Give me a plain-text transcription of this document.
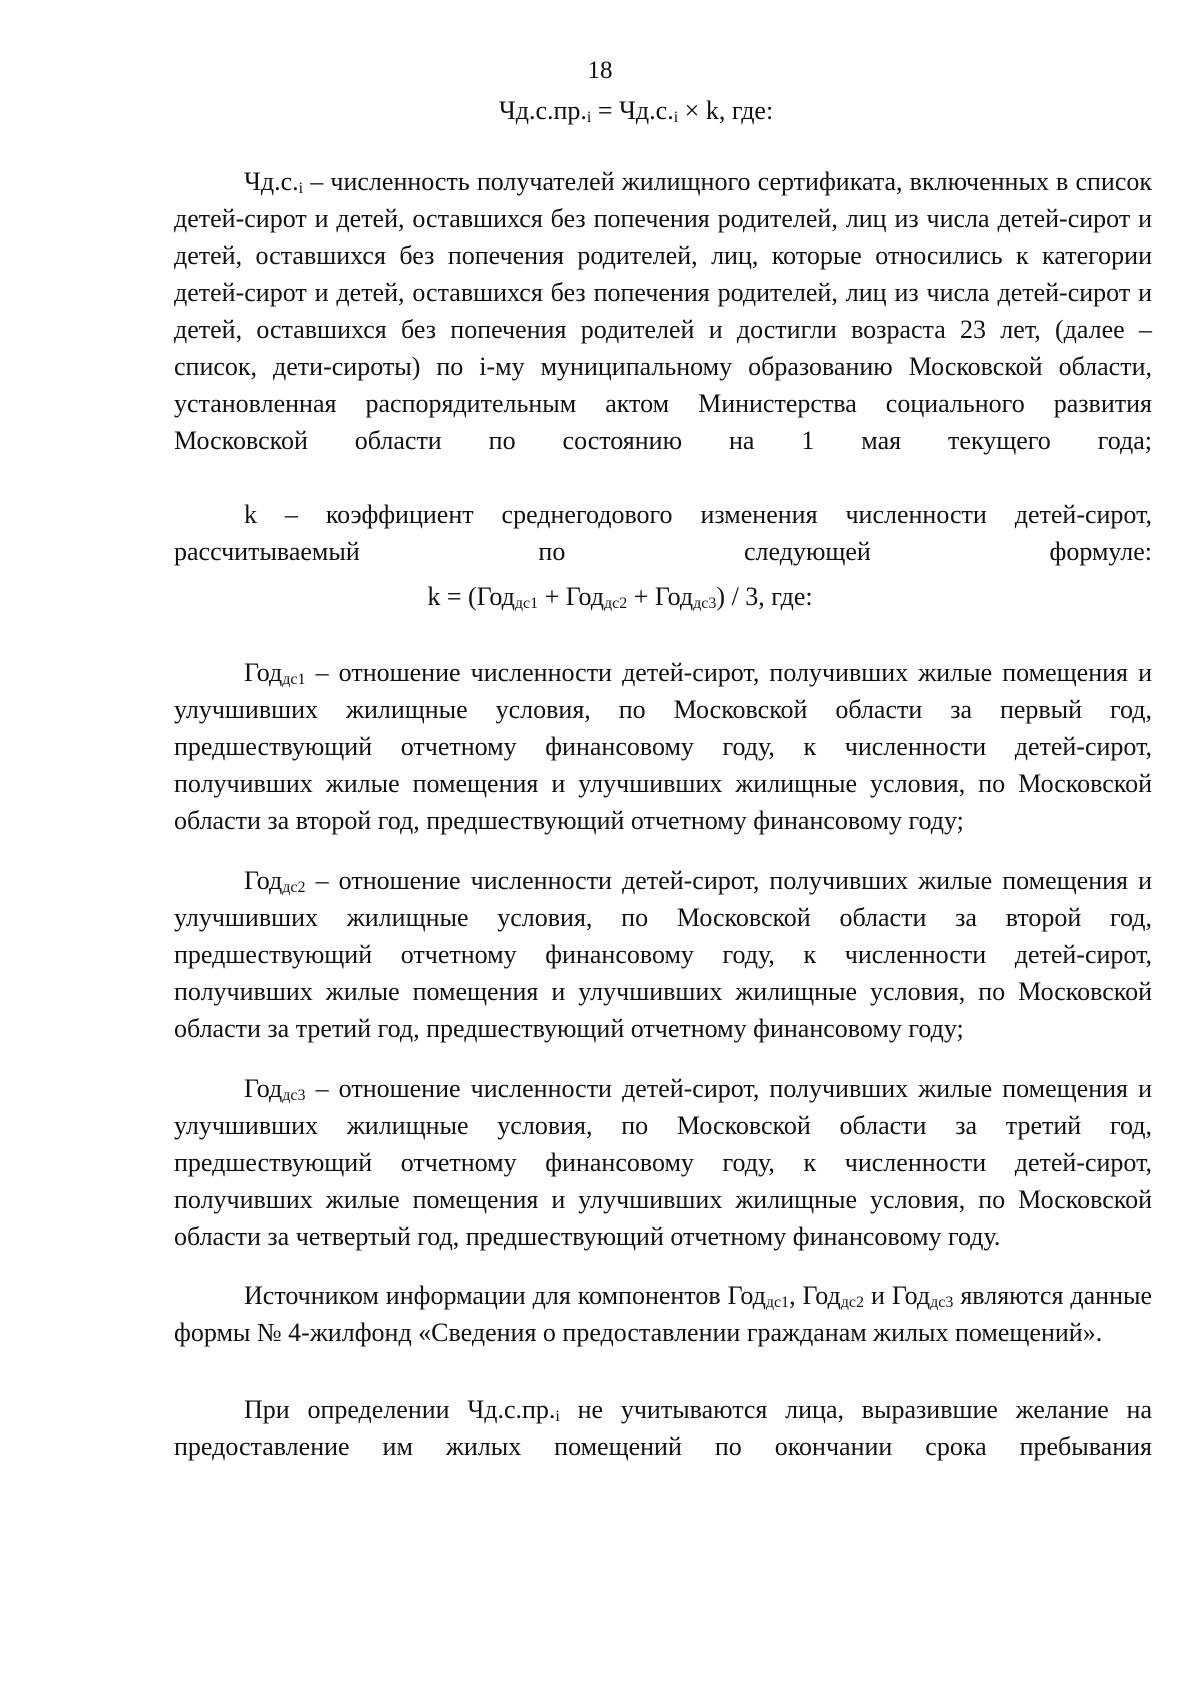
18
$Чд.с.пр._i = Чд.с._i \times k$, где:

$Чд.с._i$ – численность получателей жилищного сертификата, включенных в список детей-сирот и детей, оставшихся без попечения родителей, лиц из числа детей-сирот и детей, оставшихся без попечения родителей, лиц, которые относились к категории детей-сирот и детей, оставшихся без попечения родителей, лиц из числа детей-сирот и детей, оставшихся без попечения родителей и достигли возраста 23 лет, (далее – список, дети-сироты) по i-му муниципальному образованию Московской области, установленная распорядительным актом Министерства социального развития Московской области по состоянию на 1 мая текущего года;

k – коэффициент среднегодового изменения численности детей-сирот, рассчитываемый по следующей формуле:

k = (Год$_{дс1}$ + Год$_{дс2}$ + Год$_{дс3}$) / 3, где:

Год$_{дс1}$ – отношение численности детей-сирот, получивших жилые помещения и улучшивших жилищные условия, по Московской области за первый год, предшествующий отчетному финансовому году, к численности детей-сирот, получивших жилые помещения и улучшивших жилищные условия, по Московской области за второй год, предшествующий отчетному финансовому году;

Год$_{дс2}$ – отношение численности детей-сирот, получивших жилые помещения и улучшивших жилищные условия, по Московской области за второй год, предшествующий отчетному финансовому году, к численности детей-сирот, получивших жилые помещения и улучшивших жилищные условия, по Московской области за третий год, предшествующий отчетному финансовому году;

Год$_{дс3}$ – отношение численности детей-сирот, получивших жилые помещения и улучшивших жилищные условия, по Московской области за третий год, предшествующий отчетному финансовому году, к численности детей-сирот, получивших жилые помещения и улучшивших жилищные условия, по Московской области за четвертый год, предшествующий отчетному финансовому году.

Источником информации для компонентов Год$_{дс1}$, Год$_{дс2}$ и Год$_{дс3}$ являются данные формы № 4-жилфонд «Сведения о предоставлении гражданам жилых помещений».

При определении $Чд.с.пр._i$ не учитываются лица, выразившие желание на предоставление им жилых помещений по окончании срока пребывания
